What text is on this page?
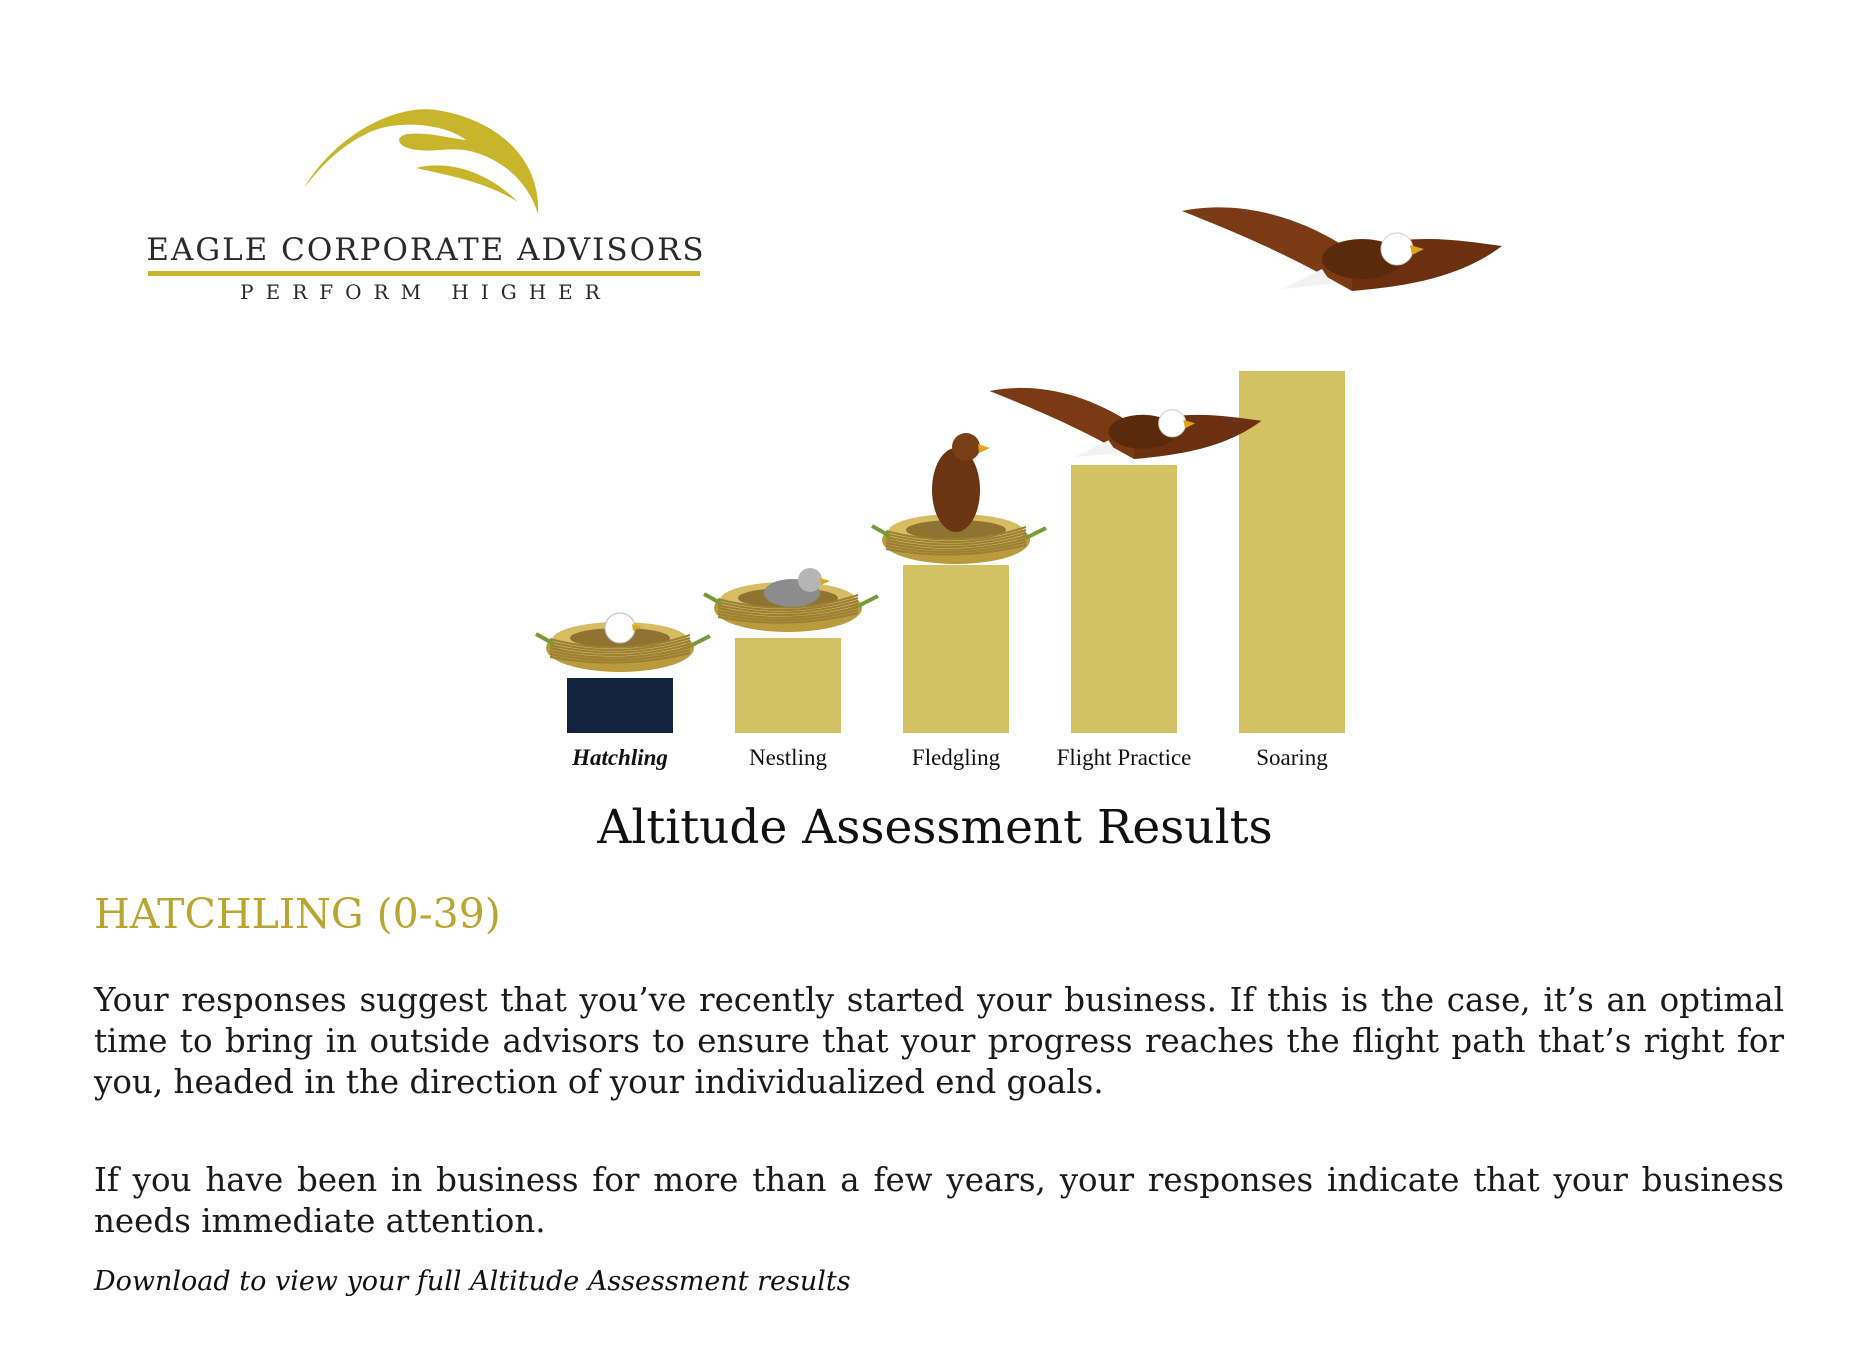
EAGLE CORPORATE ADVISORS
PERFORM HIGHER
Hatchling	Nestling	Fledgling Flight Practice	Soaring
Altitude Assessment Results
HATCHLING (0-39)

Your responses suggest that you’ve recently started your business. If this is the case, it’s an optimal time to bring in outside advisors to ensure that your progress reaches the flight path that’s right for you, headed in the direction of your individualized end goals.

If you have been in business for more than a few years, your responses indicate that your business needs immediate attention.

Download to view your full Altitude Assessment results
